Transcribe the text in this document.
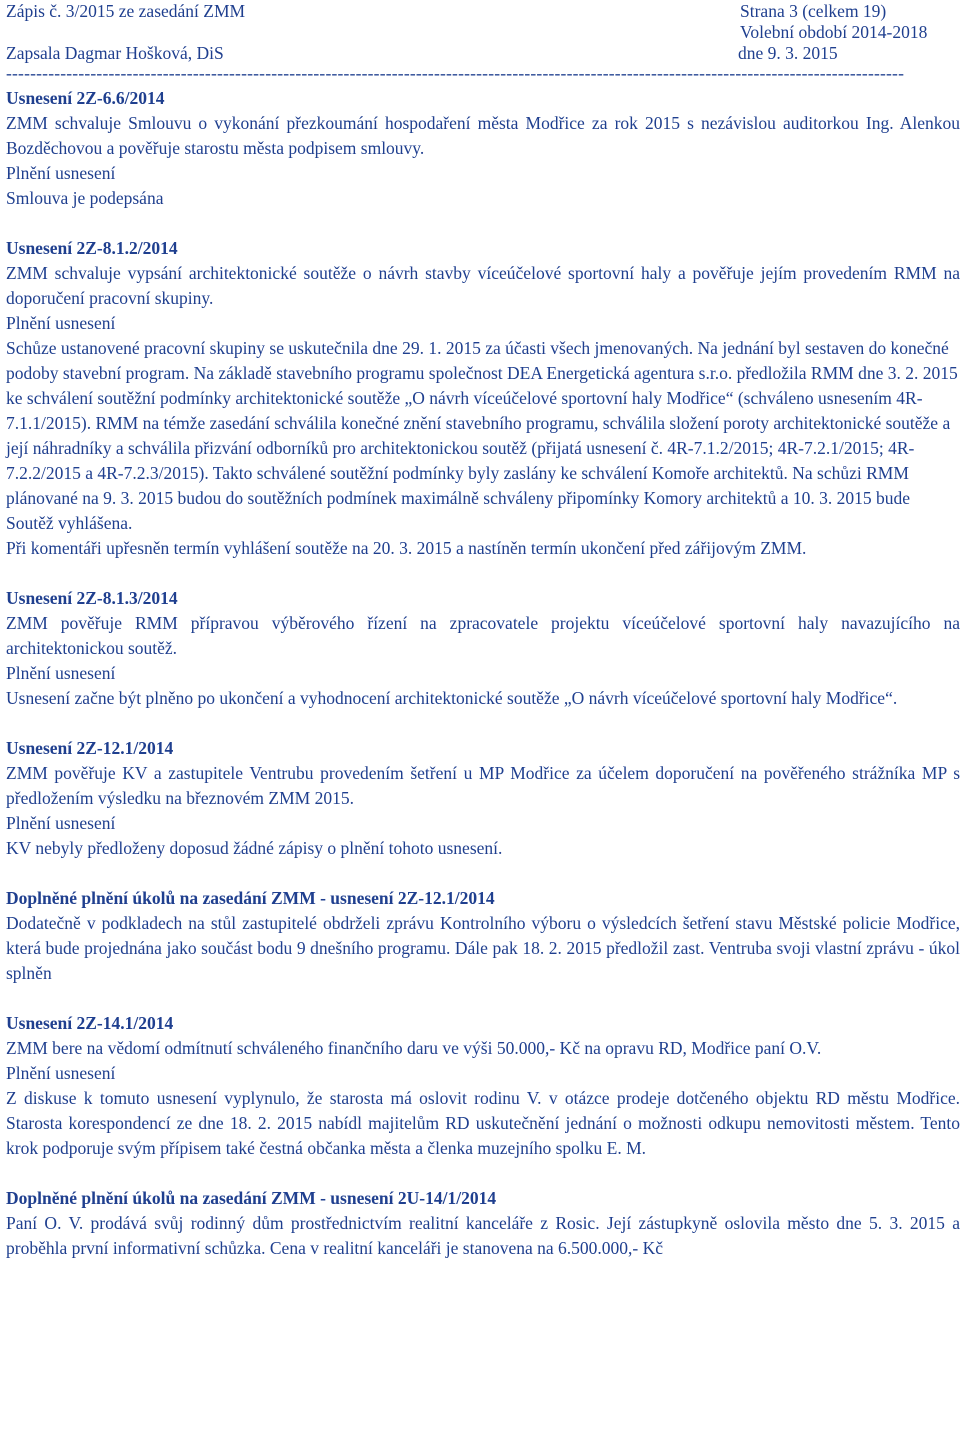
Zápis č. 3/2015 ze zasedání ZMM	Strana 3 (celkem 19)
Volební období 2014-2018
Zapsala Dagmar Hošková, DiS	dne 9. 3. 2015
-----------------------------------------------------------------------------------------------------------------------------------------------------

Usnesení 2Z-6.6/2014

ZMM schvaluje Smlouvu o vykonání přezkoumání hospodaření města Modřice za rok 2015 s nezávislou auditorkou Ing. Alenkou Bozděchovou a pověřuje starostu města podpisem smlouvy.

Plnění usnesení

Smlouva je podepsána

Usnesení 2Z-8.1.2/2014

ZMM schvaluje vypsání architektonické soutěže o návrh stavby víceúčelové sportovní haly a pověřuje jejím provedením RMM na doporučení pracovní skupiny.

Plnění usnesení

Schůze ustanovené pracovní skupiny se uskutečnila dne 29. 1. 2015 za účasti všech jmenovaných. Na jednání byl sestaven do konečné podoby stavební program. Na základě stavebního programu společnost DEA Energetická agentura s.r.o. předložila RMM dne 3. 2. 2015 ke schválení soutěžní podmínky architektonické soutěže „O návrh víceúčelové sportovní haly Modřice“ (schváleno usnesením 4R-7.1.1/2015). RMM na témže zasedání schválila konečné znění stavebního programu, schválila složení poroty architektonické soutěže a její náhradníky a schválila přizvání odborníků pro architektonickou soutěž (přijatá usnesení č. 4R-7.1.2/2015; 4R-7.2.1/2015; 4R-7.2.2/2015 a 4R-7.2.3/2015). Takto schválené soutěžní podmínky byly zaslány ke schválení Komoře architektů. Na schůzi RMM plánované na 9. 3. 2015 budou do soutěžních podmínek maximálně schváleny připomínky Komory architektů a 10. 3. 2015 bude Soutěž vyhlášena.

Při komentáři upřesněn termín vyhlášení soutěže na 20. 3. 2015 a nastíněn termín ukončení před zářijovým ZMM.

Usnesení 2Z-8.1.3/2014

ZMM pověřuje RMM přípravou výběrového řízení na zpracovatele projektu víceúčelové sportovní haly navazujícího na architektonickou soutěž.

Plnění usnesení

Usnesení začne být plněno po ukončení a vyhodnocení architektonické soutěže „O návrh víceúčelové sportovní haly Modřice“.

Usnesení 2Z-12.1/2014

ZMM pověřuje KV a zastupitele Ventrubu provedením šetření u MP Modřice za účelem doporučení na pověřeného strážníka MP s předložením výsledku na březnovém ZMM 2015.

Plnění usnesení

KV nebyly předloženy doposud žádné zápisy o plnění tohoto usnesení.

Doplněné plnění úkolů na zasedání ZMM - usnesení 2Z-12.1/2014

Dodatečně v podkladech na stůl zastupitelé obdrželi zprávu Kontrolního výboru o výsledcích šetření stavu Městské policie Modřice, která bude projednána jako součást bodu 9 dnešního programu. Dále pak 18. 2. 2015 předložil zast. Ventruba svoji vlastní zprávu - úkol splněn

Usnesení 2Z-14.1/2014

ZMM bere na vědomí odmítnutí schváleného finančního daru ve výši 50.000,- Kč na opravu RD, Modřice paní O.V.

Plnění usnesení

Z diskuse k tomuto usnesení vyplynulo, že starosta má oslovit rodinu V. v otázce prodeje dotčeného objektu RD městu Modřice. Starosta korespondencí ze dne 18. 2. 2015 nabídl majitelům RD uskutečnění jednání o možnosti odkupu nemovitosti městem. Tento krok podporuje svým přípisem také čestná občanka města a členka muzejního spolku E. M.

Doplněné plnění úkolů na zasedání ZMM - usnesení 2U-14/1/2014

Paní O. V. prodává svůj rodinný dům prostřednictvím realitní kanceláře z Rosic. Její zástupkyně oslovila město dne 5. 3. 2015 a proběhla první informativní schůzka. Cena v realitní kanceláři je stanovena na 6.500.000,- Kč
